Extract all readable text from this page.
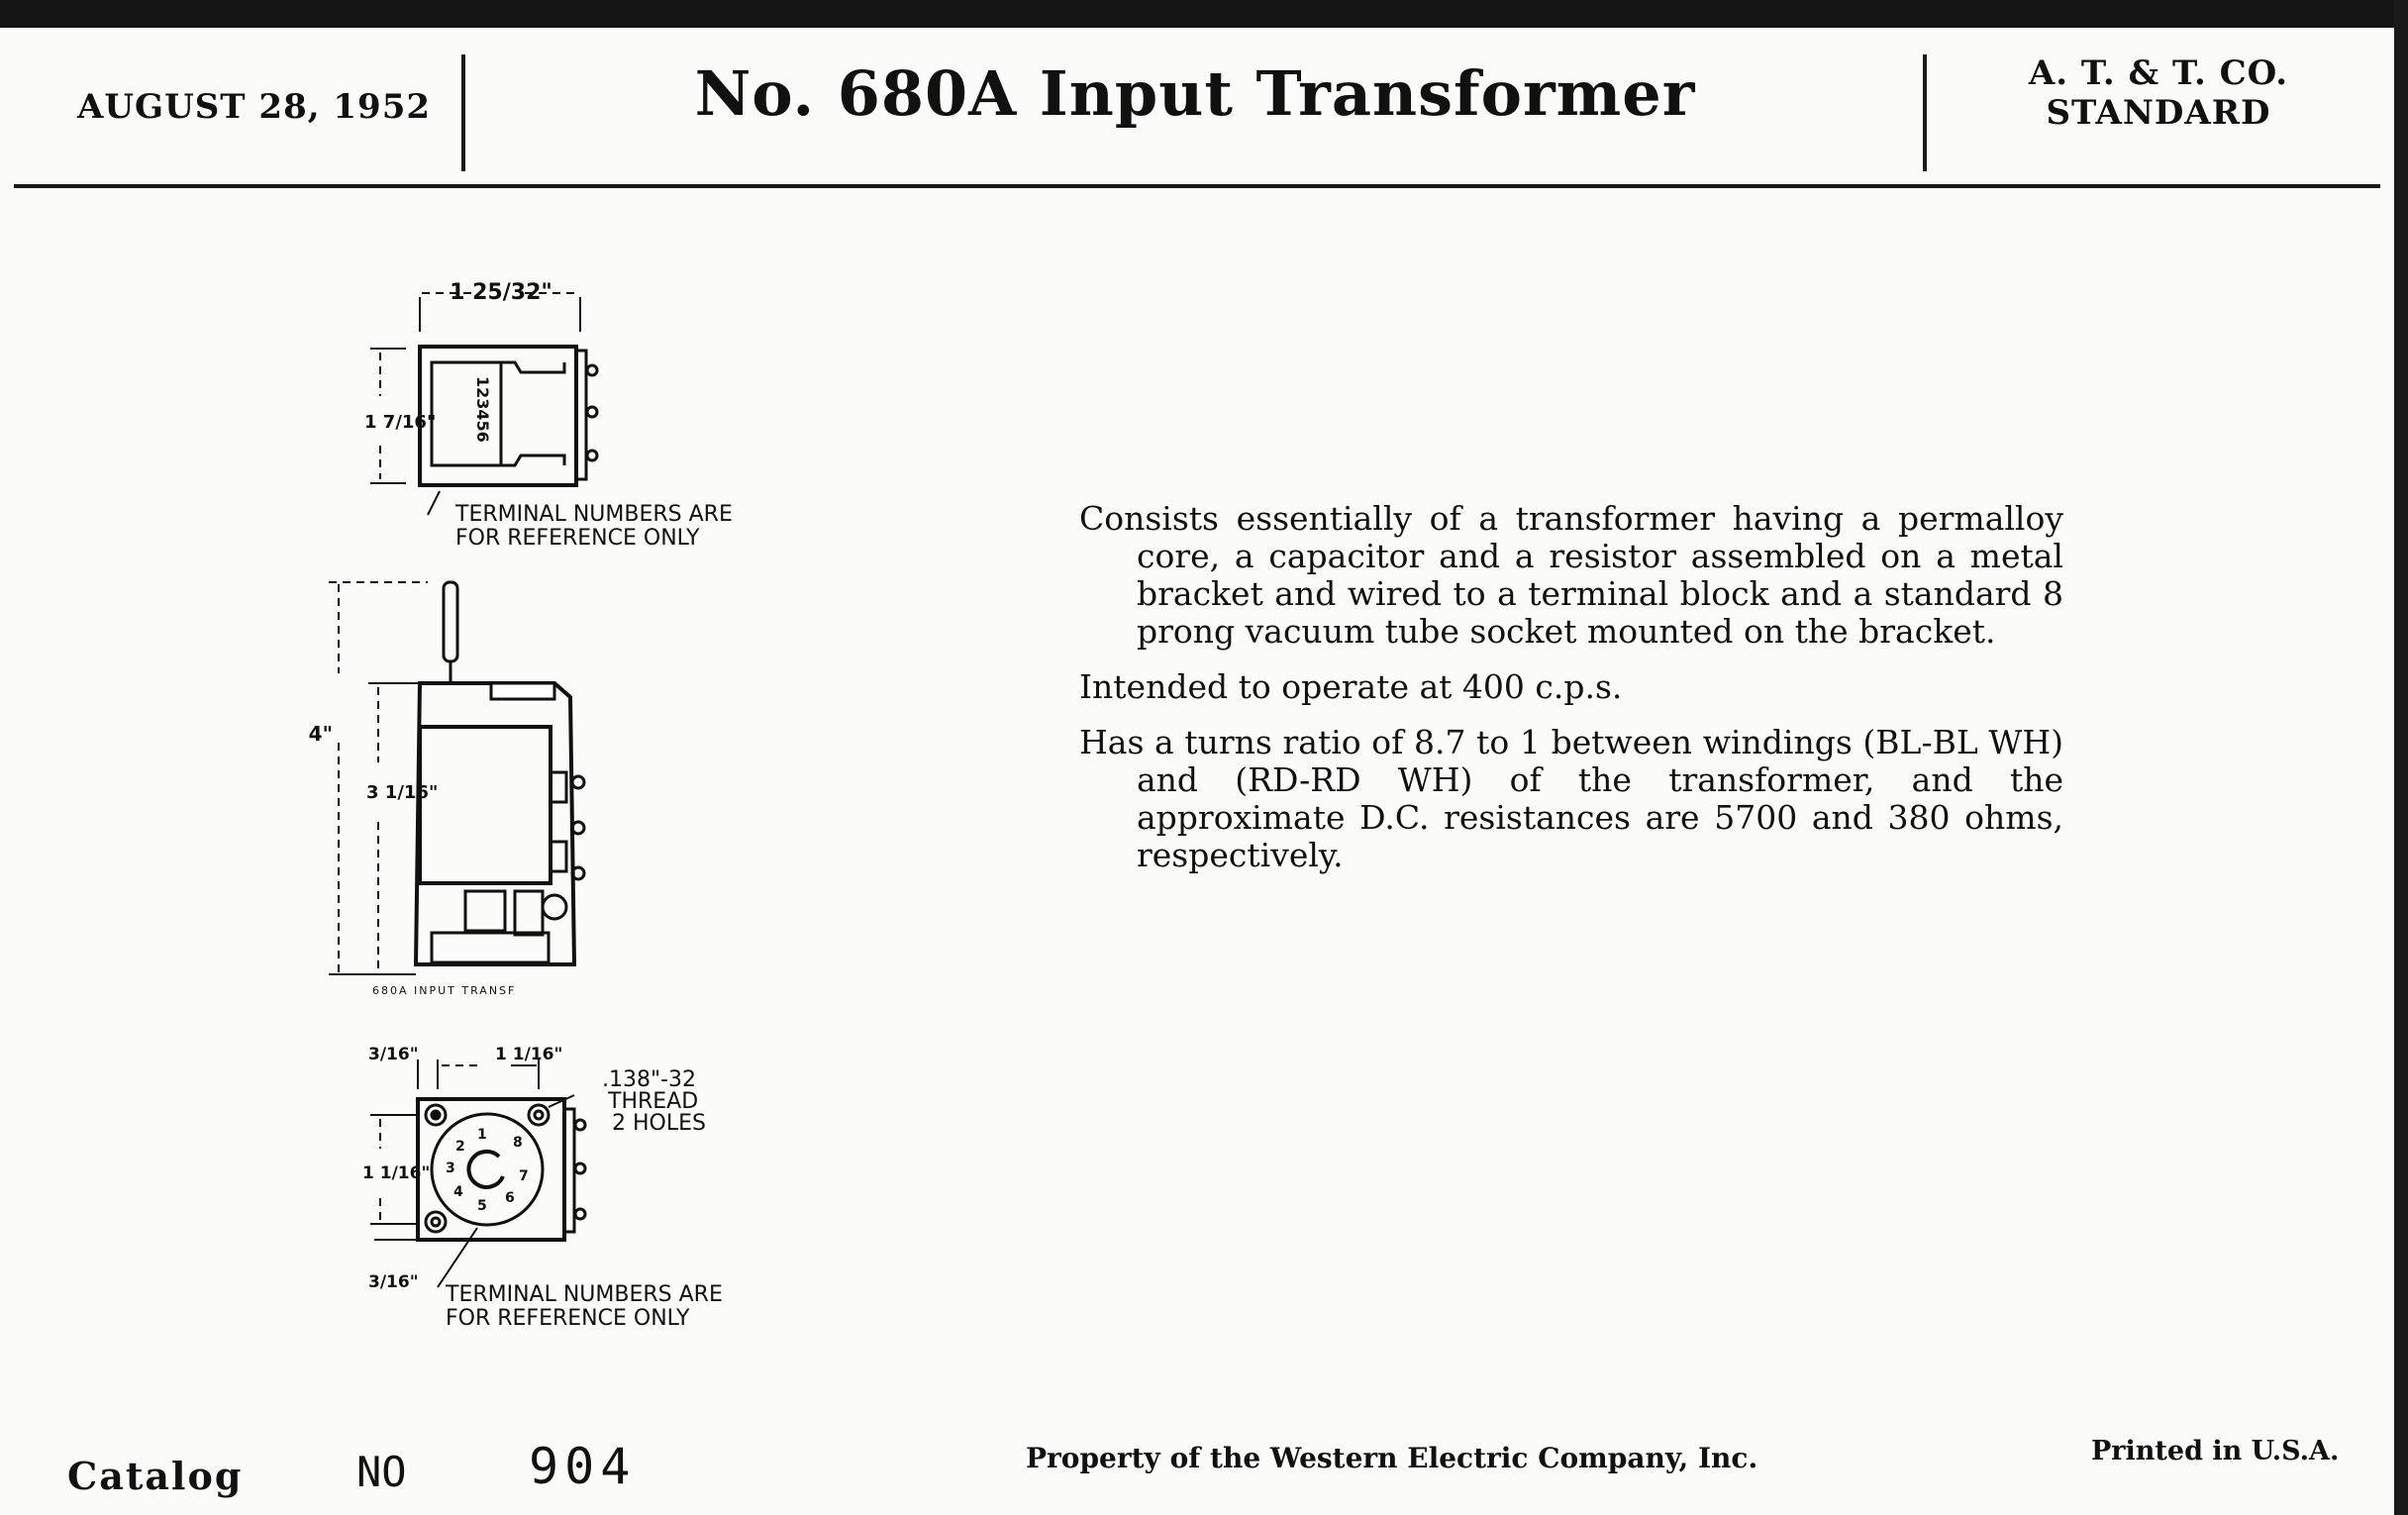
AUGUST 28, 1952	No. 680A Input Transformer	A. T. & T. CO.
STANDARD
1 25/32"
1 7/16" 123456
TERMINAL NUMBERS ARE
FOR REFERENCE ONLY
4"
3 1/16"
680A INPUT TRANSF
1
2
3
4
5 6
7
8
3/16"	1 1/16"
1 1/16"
3/16"
.138"-32
THREAD
2 HOLES
TERMINAL NUMBERS ARE
FOR REFERENCE ONLY

Consists essentially of a transformer having a permalloy core, a capacitor and a resistor assembled on a metal bracket and wired to a terminal block and a standard 8 prong vacuum tube socket mounted on the bracket.

Intended to operate at 400 c.p.s.

Has a turns ratio of 8.7 to 1 between windings (BL-BL WH) and (RD-RD WH) of the transformer, and the approximate D.C. resistances are 5700 and 380 ohms, respectively.

Catalog	NO 904	Property of the Western Electric Company, Inc.	Printed in U.S.A.
